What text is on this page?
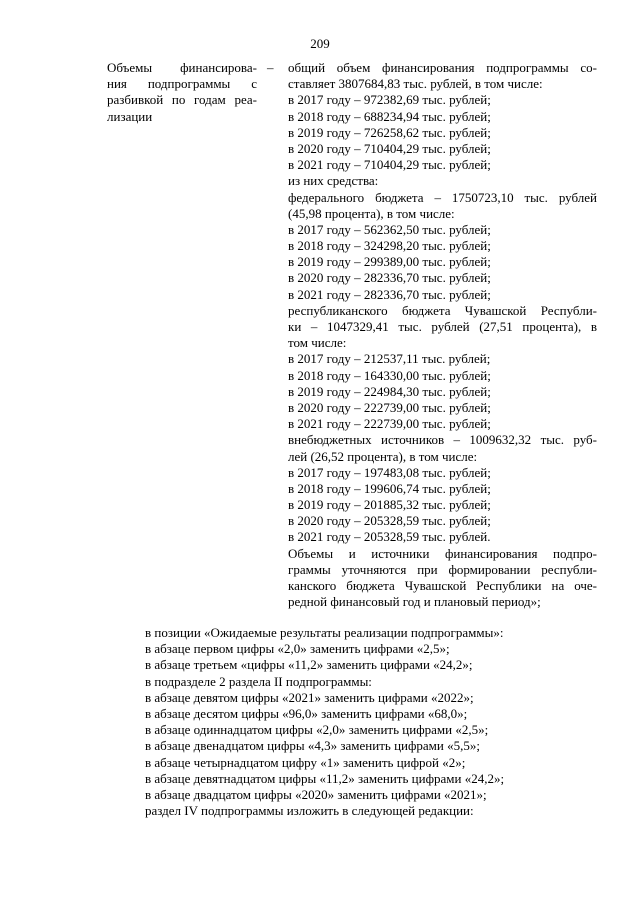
209
Объемы финансирова-
ния подпрограммы с
разбивкой по годам реа-
лизации
– общий объем финансирования подпрограммы со-
ставляет 3807684,83 тыс. рублей, в том числе:
в 2017 году – 972382,69 тыс. рублей;
в 2018 году – 688234,94 тыс. рублей;
в 2019 году – 726258,62 тыс. рублей;
в 2020 году – 710404,29 тыс. рублей;
в 2021 году – 710404,29 тыс. рублей;
из них средства:
федерального бюджета – 1750723,10 тыс. рублей
(45,98 процента), в том числе:
в 2017 году – 562362,50 тыс. рублей;
в 2018 году – 324298,20 тыс. рублей;
в 2019 году – 299389,00 тыс. рублей;
в 2020 году – 282336,70 тыс. рублей;
в 2021 году – 282336,70 тыс. рублей;
республиканского бюджета Чувашской Республи-
ки – 1047329,41 тыс. рублей (27,51 процента), в
том числе:
в 2017 году – 212537,11 тыс. рублей;
в 2018 году – 164330,00 тыс. рублей;
в 2019 году – 224984,30 тыс. рублей;
в 2020 году – 222739,00 тыс. рублей;
в 2021 году – 222739,00 тыс. рублей;
внебюджетных источников – 1009632,32 тыс. руб-
лей (26,52 процента), в том числе:
в 2017 году – 197483,08 тыс. рублей;
в 2018 году – 199606,74 тыс. рублей;
в 2019 году – 201885,32 тыс. рублей;
в 2020 году – 205328,59 тыс. рублей;
в 2021 году – 205328,59 тыс. рублей.
Объемы и источники финансирования подпро-
граммы уточняются при формировании республи-
канского бюджета Чувашской Республики на оче-
редной финансовый год и плановый период»;
в позиции «Ожидаемые результаты реализации подпрограммы»:
в абзаце первом цифры «2,0» заменить цифрами «2,5»;
в абзаце третьем «цифры «11,2» заменить цифрами «24,2»;
в подразделе 2 раздела II подпрограммы:
в абзаце девятом цифры «2021» заменить цифрами «2022»;
в абзаце десятом цифры «96,0» заменить цифрами «68,0»;
в абзаце одиннадцатом цифры «2,0» заменить цифрами «2,5»;
в абзаце двенадцатом цифры «4,3» заменить цифрами «5,5»;
в абзаце четырнадцатом цифру «1» заменить цифрой «2»;
в абзаце девятнадцатом цифры «11,2» заменить цифрами «24,2»;
в абзаце двадцатом цифры «2020» заменить цифрами «2021»;
раздел IV подпрограммы изложить в следующей редакции:
